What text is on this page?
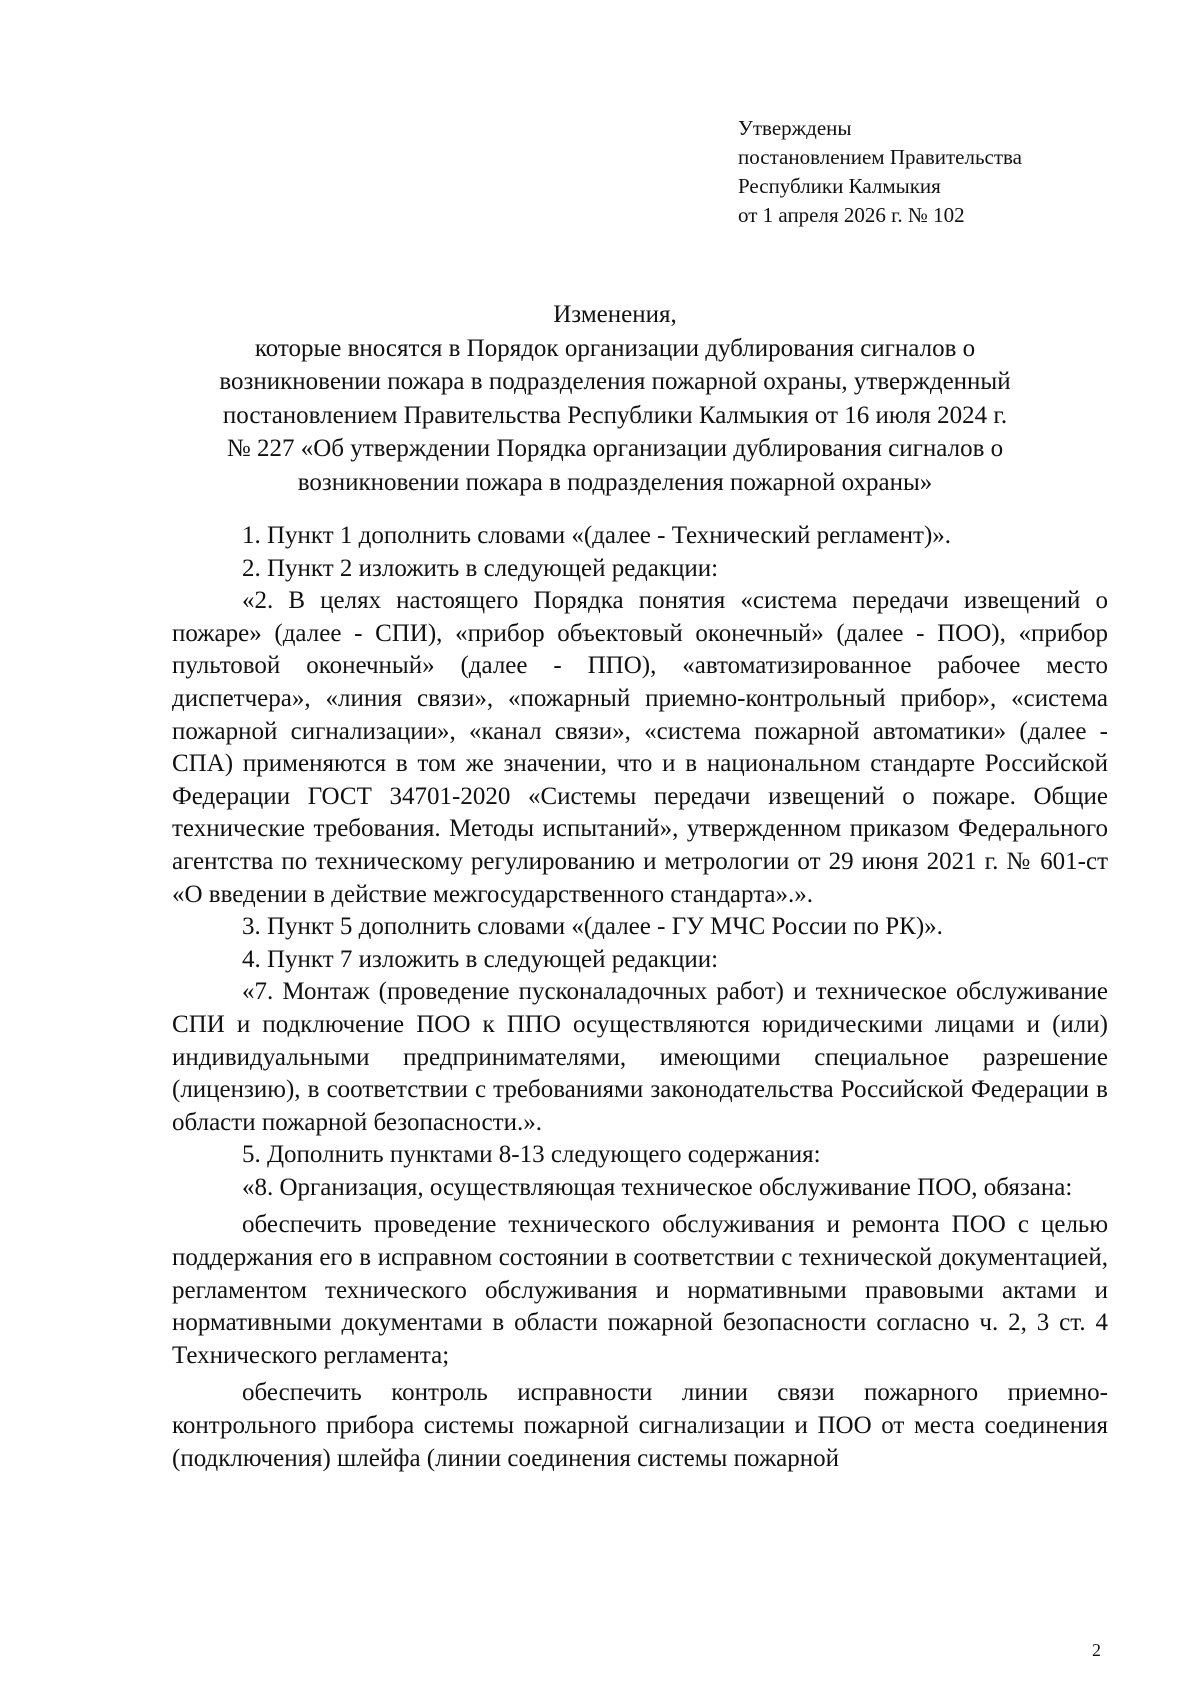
Утверждены
постановлением Правительства
Республики Калмыкия
от 1 апреля 2026 г. № 102
Изменения,
которые вносятся в Порядок организации дублирования сигналов о
возникновении пожара в подразделения пожарной охраны, утвержденный
постановлением Правительства Республики Калмыкия от 16 июля 2024 г.
№ 227 «Об утверждении Порядка организации дублирования сигналов о
возникновении пожара в подразделения пожарной охраны»

1. Пункт 1 дополнить словами «(далее - Технический регламент)».

2. Пункт 2 изложить в следующей редакции:

«2. В целях настоящего Порядка понятия «система передачи извещений о пожаре» (далее - СПИ), «прибор объектовый оконечный» (далее - ПОО), «прибор пультовой оконечный» (далее - ППО), «автоматизированное рабочее место диспетчера», «линия связи», «пожарный приемно-контрольный прибор», «система пожарной сигнализации», «канал связи», «система пожарной автоматики» (далее - СПА) применяются в том же значении, что и в национальном стандарте Российской Федерации ГОСТ 34701-2020 «Системы передачи извещений о пожаре. Общие технические требования. Методы испытаний», утвержденном приказом Федерального агентства по техническому регулированию и метрологии от 29 июня 2021 г. № 601-ст «О введении в действие межгосударственного стандарта».».

3. Пункт 5 дополнить словами «(далее - ГУ МЧС России по РК)».

4. Пункт 7 изложить в следующей редакции:

«7. Монтаж (проведение пусконаладочных работ) и техническое обслуживание СПИ и подключение ПОО к ППО осуществляются юридическими лицами и (или) индивидуальными предпринимателями, имеющими специальное разрешение (лицензию), в соответствии с требованиями законодательства Российской Федерации в области пожарной безопасности.».

5. Дополнить пунктами 8-13 следующего содержания:

«8. Организация, осуществляющая техническое обслуживание ПОО, обязана:

обеспечить проведение технического обслуживания и ремонта ПОО с целью поддержания его в исправном состоянии в соответствии с технической документацией, регламентом технического обслуживания и нормативными правовыми актами и нормативными документами в области пожарной безопасности согласно ч. 2, 3 ст. 4 Технического регламента;

обеспечить контроль исправности линии связи пожарного приемно-контрольного прибора системы пожарной сигнализации и ПОО от места соединения (подключения) шлейфа (линии соединения системы пожарной

2
